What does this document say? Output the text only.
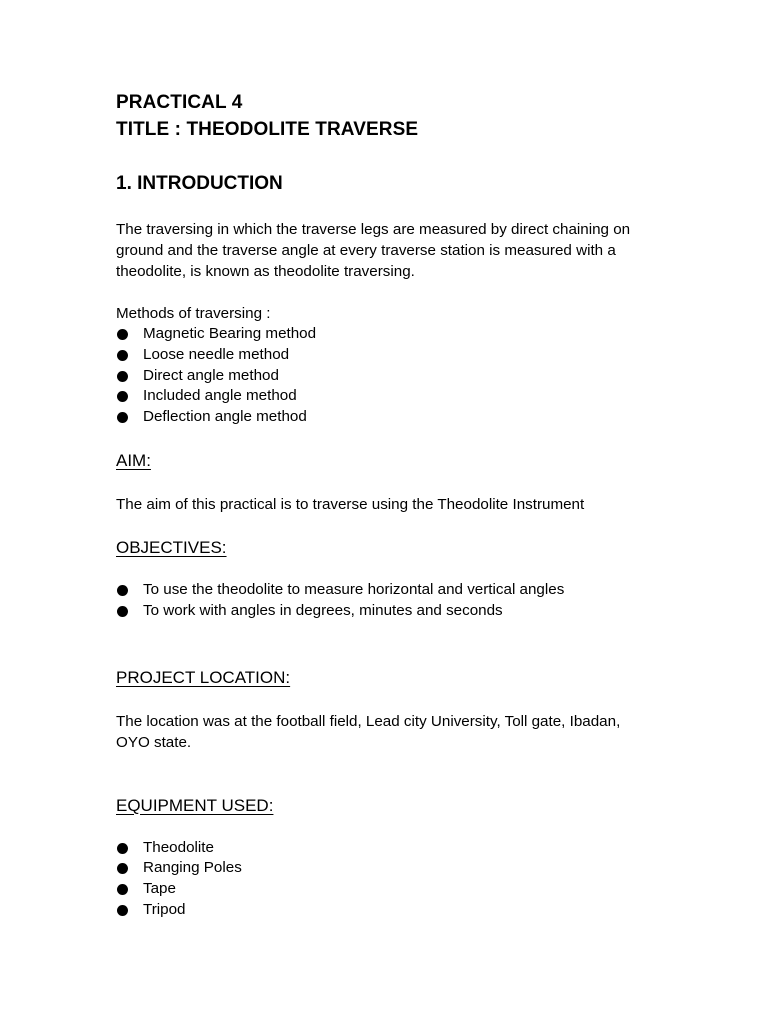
PRACTICAL 4

TITLE : THEODOLITE TRAVERSE

1. INTRODUCTION

The traversing in which the traverse legs are measured by direct chaining on ground and the traverse angle at every traverse station is measured with a theodolite, is known as theodolite traversing.

Methods of traversing :

Magnetic Bearing method
Loose needle method
Direct angle method
Included angle method
Deflection angle method

AIM:

The aim of this practical is to traverse using the Theodolite Instrument

OBJECTIVES:

To use the theodolite to measure horizontal and vertical angles
To work with angles in degrees, minutes and seconds

PROJECT LOCATION:

The location was at the football field, Lead city University, Toll gate, Ibadan, OYO state.

EQUIPMENT USED:

Theodolite
Ranging Poles
Tape
Tripod
